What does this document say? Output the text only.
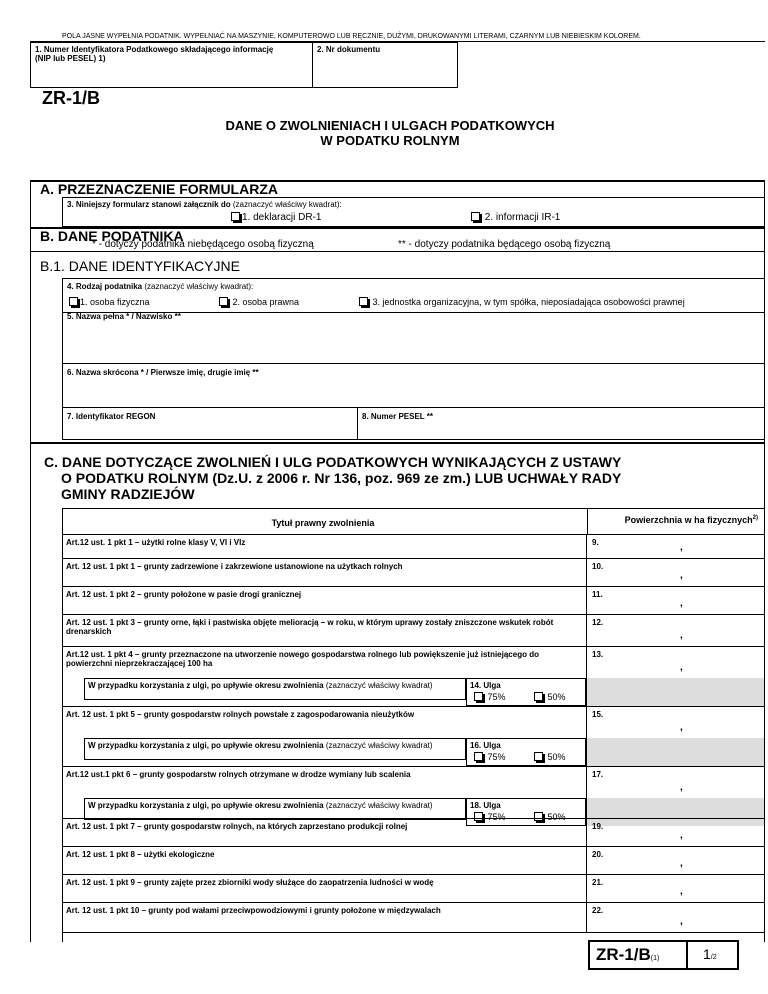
POLA JASNE WYPEŁNIA PODATNIK. WYPEŁNIAĆ NA MASZYNIE, KOMPUTEROWO LUB RĘCZNIE, DUŻYMI, DRUKOWANYMI LITERAMI, CZARNYM LUB NIEBIESKIM KOLOREM.
1. Numer Identyfikatora Podatkowego składającego informację (NIP lub PESEL) 1)
2. Nr dokumentu
ZR-1/B
DANE O ZWOLNIENIACH I ULGACH PODATKOWYCH
W PODATKU ROLNYM
A. PRZEZNACZENIE FORMULARZA
3. Niniejszy formularz stanowi załącznik do (zaznaczyć właściwy kwadrat):
1. deklaracji DR-1	2. informacji IR-1
B. DANE PODATNIKA
* - dotyczy podatnika niebędącego osobą fizyczną	** - dotyczy podatnika będącego osobą fizyczną
B.1. DANE IDENTYFIKACYJNE
4. Rodzaj podatnika (zaznaczyć właściwy kwadrat):
1. osoba fizyczna	2. osoba prawna	3. jednostka organizacyjna, w tym spółka, nieposiadająca osobowości prawnej
5. Nazwa pełna * / Nazwisko **
6. Nazwa skrócona * / Pierwsze imię, drugie imię **
7. Identyfikator REGON	8. Numer PESEL **
C. DANE DOTYCZĄCE ZWOLNIEŃ I ULG PODATKOWYCH WYNIKAJĄCYCH Z USTAWY
O PODATKU ROLNYM (Dz.U. z 2006 r. Nr 136, poz. 969 ze zm.) LUB UCHWAŁY RADY
GMINY RADZIEJÓW
Tytuł prawny zwolnienia	Powierzchnia w ha fizycznych$^{2)}$
Art.12 ust. 1 pkt 1 – użytki rolne klasy V, VI i VIz	9.	,
Art. 12 ust. 1 pkt 1 – grunty zadrzewione i zakrzewione ustanowione na użytkach rolnych	10.
,
Art. 12 ust. 1 pkt 2 – grunty położone w pasie drogi granicznej	11.
,
Art. 12 ust. 1 pkt 3 – grunty orne, łąki i pastwiska objęte melioracją – w roku, w którym uprawy zostały zniszczone wskutek robót drenarskich
12.
,
Art.12 ust. 1 pkt 4 – grunty przeznaczone na utworzenie nowego gospodarstwa rolnego lub powiększenie już istniejącego do powierzchni nieprzekraczającej 100 ha
13.
,
W przypadku korzystania z ulgi, po upływie okresu zwolnienia (zaznaczyć właściwy kwadrat)	14. Ulga
75%	50%
Art. 12 ust. 1 pkt 5 – grunty gospodarstw rolnych powstałe z zagospodarowania nieużytków	15.
,
W przypadku korzystania z ulgi, po upływie okresu zwolnienia (zaznaczyć właściwy kwadrat)	16. Ulga
75%	50%
Art.12 ust.1 pkt 6 – grunty gospodarstw rolnych otrzymane w drodze wymiany lub scalenia	17.
,
W przypadku korzystania z ulgi, po upływie okresu zwolnienia (zaznaczyć właściwy kwadrat)	18. Ulga
75%	50%
Art. 12 ust. 1 pkt 7 – grunty gospodarstw rolnych, na których zaprzestano produkcji rolnej	19.
,
Art. 12 ust. 1 pkt 8 – użytki ekologiczne	20.
,
Art. 12 ust. 1 pkt 9 – grunty zajęte przez zbiorniki wody służące do zaopatrzenia ludności w wodę	21.
,
Art. 12 ust. 1 pkt 10 – grunty pod wałami przeciwpowodziowymi i grunty położone w międzywalach	22.
,
ZR-1/B(1)	1/2
